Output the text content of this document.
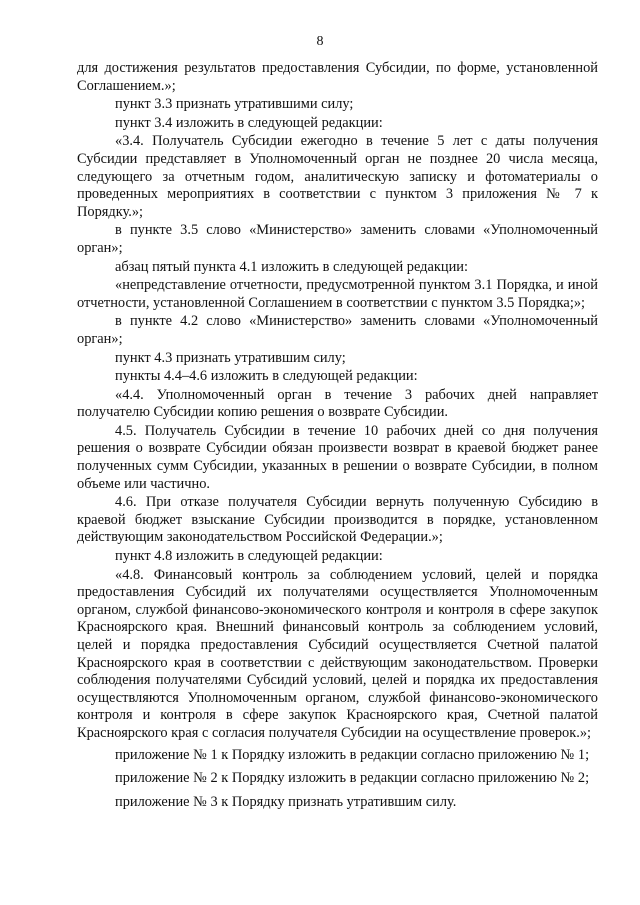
8

для достижения результатов предоставления Субсидии, по форме, установленной Соглашением.»;

пункт 3.3 признать утратившими силу;

пункт 3.4 изложить в следующей редакции:

«3.4. Получатель Субсидии ежегодно в течение 5 лет с даты получения Субсидии представляет в Уполномоченный орган не позднее 20 числа месяца, следующего за отчетным годом, аналитическую записку и фотоматериалы о проведенных мероприятиях в соответствии с пунктом 3 приложения № 7 к Порядку.»;

в пункте 3.5 слово «Министерство» заменить словами «Уполномоченный орган»;

абзац пятый пункта 4.1 изложить в следующей редакции:

«непредставление отчетности, предусмотренной пунктом 3.1 Порядка, и иной отчетности, установленной Соглашением в соответствии с пунктом 3.5 Порядка;»;

в пункте 4.2 слово «Министерство» заменить словами «Уполномоченный орган»;

пункт 4.3 признать утратившим силу;

пункты 4.4–4.6 изложить в следующей редакции:

«4.4. Уполномоченный орган в течение 3 рабочих дней направляет получателю Субсидии копию решения о возврате Субсидии.

4.5. Получатель Субсидии в течение 10 рабочих дней со дня получения решения о возврате Субсидии обязан произвести возврат в краевой бюджет ранее полученных сумм Субсидии, указанных в решении о возврате Субсидии, в полном объеме или частично.

4.6. При отказе получателя Субсидии вернуть полученную Субсидию в краевой бюджет взыскание Субсидии производится в порядке, установленном действующим законодательством Российской Федерации.»;

пункт 4.8 изложить в следующей редакции:

«4.8. Финансовый контроль за соблюдением условий, целей и порядка предоставления Субсидий их получателями осуществляется Уполномоченным органом, службой финансово-экономического контроля и контроля в сфере закупок Красноярского края. Внешний финансовый контроль за соблюдением условий, целей и порядка предоставления Субсидий осуществляется Счетной палатой Красноярского края в соответствии с действующим законодательством. Проверки соблюдения получателями Субсидий условий, целей и порядка их предоставления осуществляются Уполномоченным органом, службой финансово-экономического контроля и контроля в сфере закупок Красноярского края, Счетной палатой Красноярского края с согласия получателя Субсидии на осуществление проверок.»;

приложение № 1 к Порядку изложить в редакции согласно приложению № 1;

приложение № 2 к Порядку изложить в редакции согласно приложению № 2;

приложение № 3 к Порядку признать утратившим силу.
